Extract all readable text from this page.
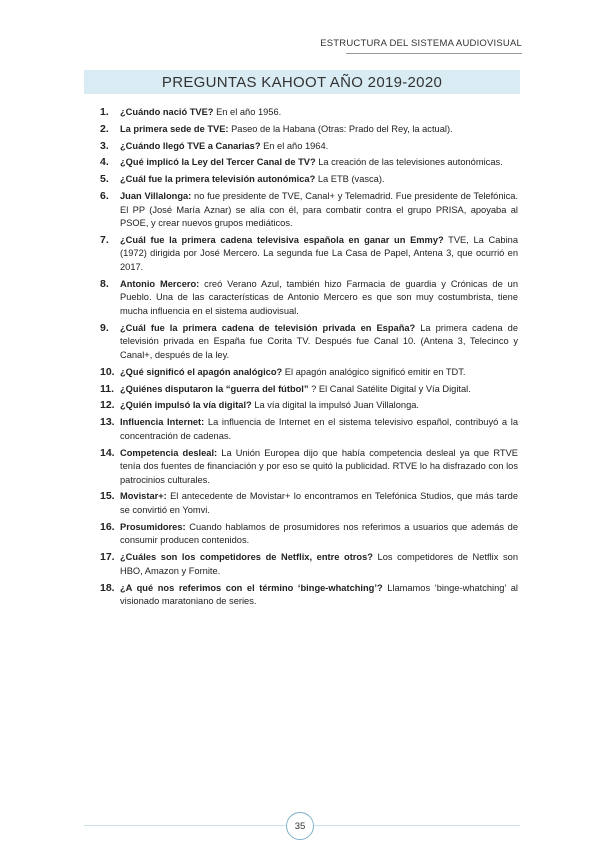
ESTRUCTURA DEL SISTEMA AUDIOVISUAL
PREGUNTAS KAHOOT AÑO 2019-2020
1. ¿Cuándo nació TVE? En el año 1956.
2. La primera sede de TVE: Paseo de la Habana (Otras: Prado del Rey, la actual).
3. ¿Cuándo llegó TVE a Canarias? En el año 1964.
4. ¿Qué implicó la Ley del Tercer Canal de TV? La creación de las televisiones autonómicas.
5. ¿Cuál fue la primera televisión autonómica? La ETB (vasca).
6. Juan Villalonga: no fue presidente de TVE, Canal+ y Telemadrid. Fue presidente de Telefónica. El PP (José María Aznar) se alía con él, para combatir contra el grupo PRISA, apoyaba al PSOE, y crear nuevos grupos mediáticos.
7. ¿Cuál fue la primera cadena televisiva española en ganar un Emmy? TVE, La Cabina (1972) dirigida por José Mercero. La segunda fue La Casa de Papel, Antena 3, que ocurrió en 2017.
8. Antonio Mercero: creó Verano Azul, también hizo Farmacia de guardia y Crónicas de un Pueblo. Una de las características de Antonio Mercero es que son muy costumbrista, tiene mucha influencia en el sistema audiovisual.
9. ¿Cuál fue la primera cadena de televisión privada en España? La primera cadena de televisión privada en España fue Corita TV. Después fue Canal 10. (Antena 3, Telecinco y Canal+, después de la ley.
10. ¿Qué significó el apagón analógico? El apagón analógico significó emitir en TDT.
11. ¿Quiénes disputaron la “guerra del fútbol” ? El Canal Satélite Digital y Vía Digital.
12. ¿Quién impulsó la vía digital? La vía digital la impulsó Juan Villalonga.
13. Influencia Internet: La influencia de Internet en el sistema televisivo español, contribuyó a la concentración de cadenas.
14. Competencia desleal: La Unión Europea dijo que había competencia desleal ya que RTVE tenía dos fuentes de financiación y por eso se quitó la publicidad. RTVE lo ha disfrazado con los patrocinios culturales.
15. Movistar+: El antecedente de Movistar+ lo encontramos en Telefónica Studios, que más tarde se convirtió en Yomvi.
16. Prosumidores: Cuando hablamos de prosumidores nos referimos a usuarios que además de consumir producen contenidos.
17. ¿Cuáles son los competidores de Netflix, entre otros? Los competidores de Netflix son HBO, Amazon y Fornite.
18. ¿A qué nos referimos con el término ‘binge-whatching’? Llamamos ‘binge-whatching’ al visionado maratoniano de series.
35
